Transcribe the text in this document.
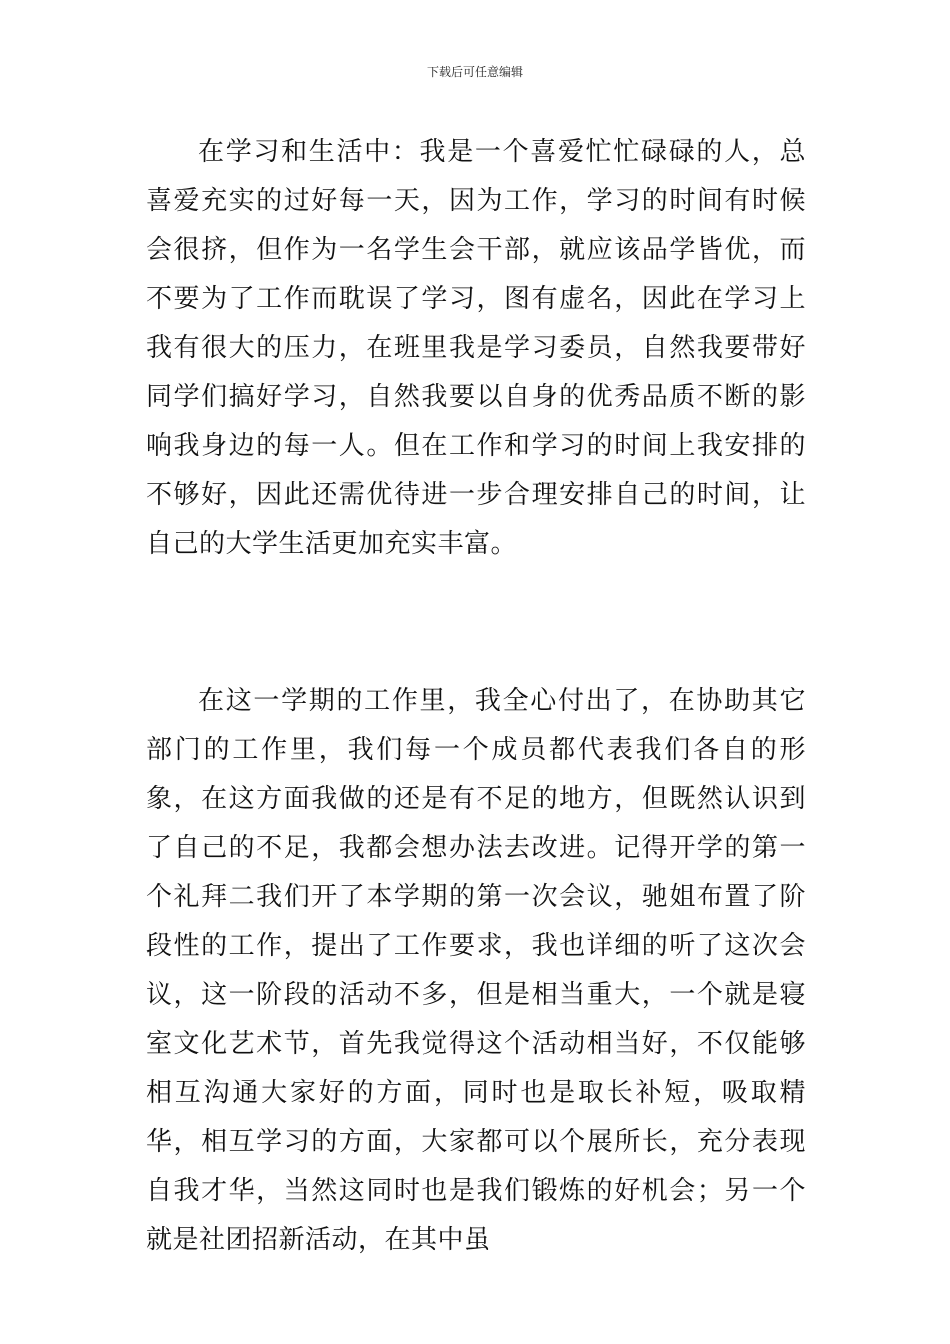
下载后可任意编辑

在学习和生活中：我是一个喜爱忙忙碌碌的人，总喜爱充实的过好每一天，因为工作，学习的时间有时候会很挤，但作为一名学生会干部，就应该品学皆优，而不要为了工作而耽误了学习，图有虚名，因此在学习上我有很大的压力，在班里我是学习委员，自然我要带好同学们搞好学习，自然我要以自身的优秀品质不断的影响我身边的每一人。但在工作和学习的时间上我安排的不够好，因此还需优待进一步合理安排自己的时间，让自己的大学生活更加充实丰富。

在这一学期的工作里，我全心付出了，在协助其它部门的工作里，我们每一个成员都代表我们各自的形象，在这方面我做的还是有不足的地方，但既然认识到了自己的不足，我都会想办法去改进。记得开学的第一个礼拜二我们开了本学期的第一次会议，驰姐布置了阶段性的工作，提出了工作要求，我也详细的听了这次会议，这一阶段的活动不多，但是相当重大，一个就是寝室文化艺术节，首先我觉得这个活动相当好，不仅能够相互沟通大家好的方面，同时也是取长补短，吸取精华，相互学习的方面，大家都可以个展所长，充分表现自我才华，当然这同时也是我们锻炼的好机会；另一个就是社团招新活动，在其中虽
